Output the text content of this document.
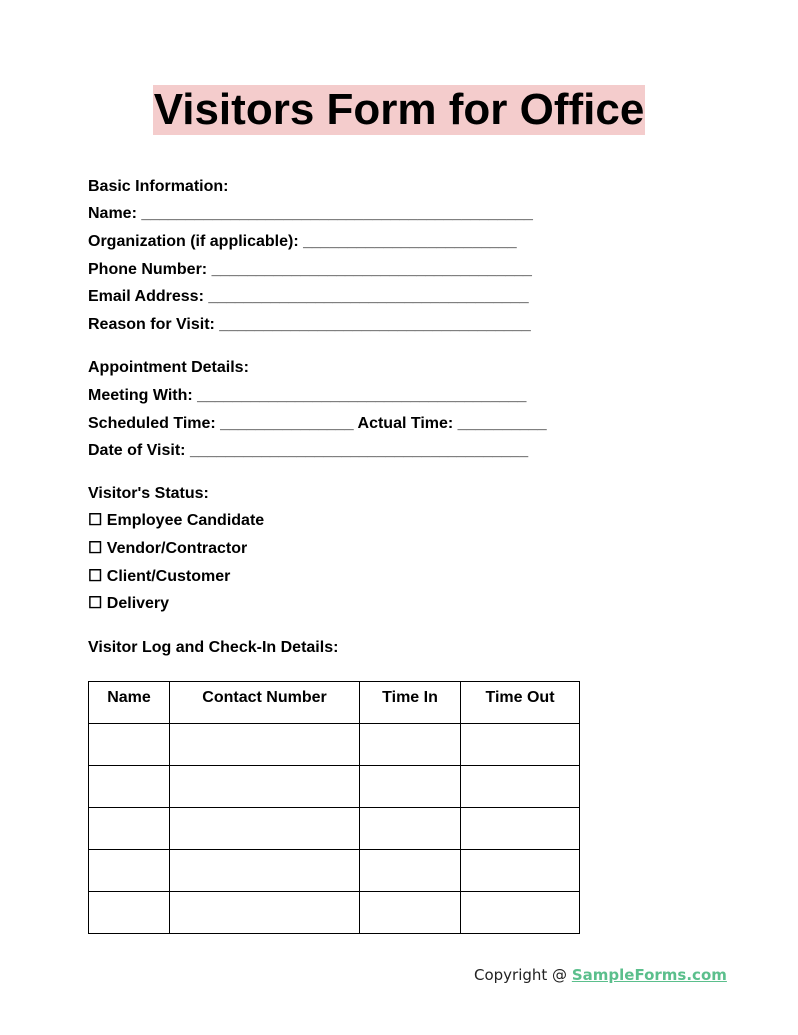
Visitors Form for Office
Basic Information:
Name: ____________________________________________
Organization (if applicable): ________________________
Phone Number: ____________________________________
Email Address: ____________________________________
Reason for Visit: ___________________________________
Appointment Details:
Meeting With: _____________________________________
Scheduled Time: _______________ Actual Time: __________
Date of Visit: ______________________________________
Visitor's Status:
☐ Employee Candidate
☐ Vendor/Contractor
☐ Client/Customer
☐ Delivery
Visitor Log and Check-In Details:
Name	Contact Number	Time In	Time Out

Copyright @ SampleForms.com
